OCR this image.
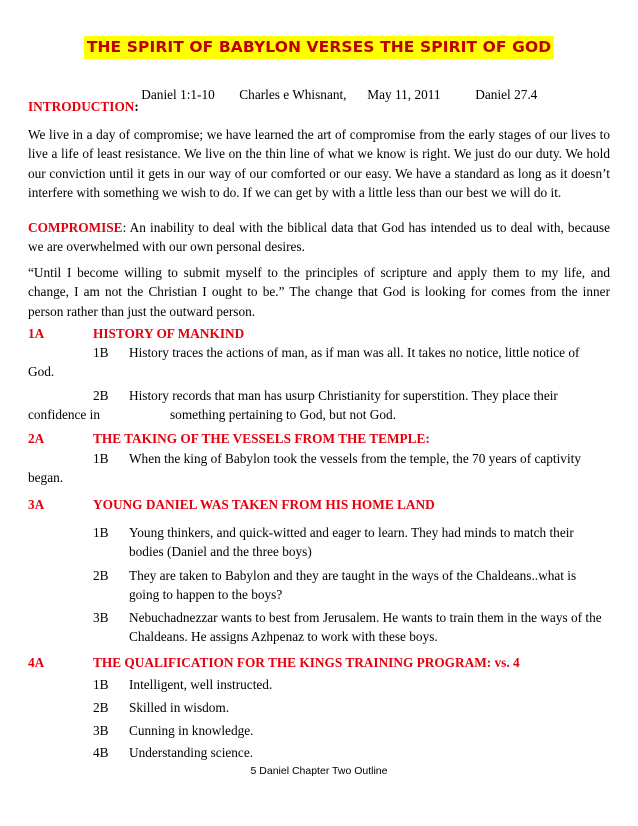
THE SPIRIT OF BABYLON VERSES THE SPIRIT OF GOD

Daniel 1:1-10 Charles e Whisnant, May 11, 2011	Daniel 27.4

INTRODUCTION:

We live in a day of compromise; we have learned the art of compromise from the early stages of our lives to live a life of least resistance. We live on the thin line of what we know is right. We just do our duty. We hold our conviction until it gets in our way of our comforted or our easy. We have a standard as long as it doesn’t interfere with something we wish to do. If we can get by with a little less than our best we will do it.

COMPROMISE: An inability to deal with the biblical data that God has intended us to deal with, because we are overwhelmed with our own personal desires.

“Until I become willing to submit myself to the principles of scripture and apply them to my life, and change, I am not the Christian I ought to be.” The change that God is looking for comes from the inner person rather than just the outward person.

1A	HISTORY OF MANKIND
1B	History traces the actions of man, as if man was all. It takes no notice, little notice of
God.
2B	History records that man has usurp Christianity for superstition. They place their
confidence in	something pertaining to God, but not God.
2A	THE TAKING OF THE VESSELS FROM THE TEMPLE:
1B	When the king of Babylon took the vessels from the temple, the 70 years of captivity
began.
3A	YOUNG DANIEL WAS TAKEN FROM HIS HOME LAND
1B	Young thinkers, and quick-witted and eager to learn. They had minds to match their
bodies (Daniel and the three boys)
2B	They are taken to Babylon and they are taught in the ways of the Chaldeans..what is
going to happen to the boys?
3B	Nebuchadnezzar wants to best from Jerusalem. He wants to train them in the ways of the
Chaldeans. He assigns Azhpenaz to work with these boys.
4A	THE QUALIFICATION FOR THE KINGS TRAINING PROGRAM: vs. 4
1B	Intelligent, well instructed.
2B	Skilled in wisdom.
3B	Cunning in knowledge.
4B	Understanding science.
5 Daniel Chapter Two Outline
